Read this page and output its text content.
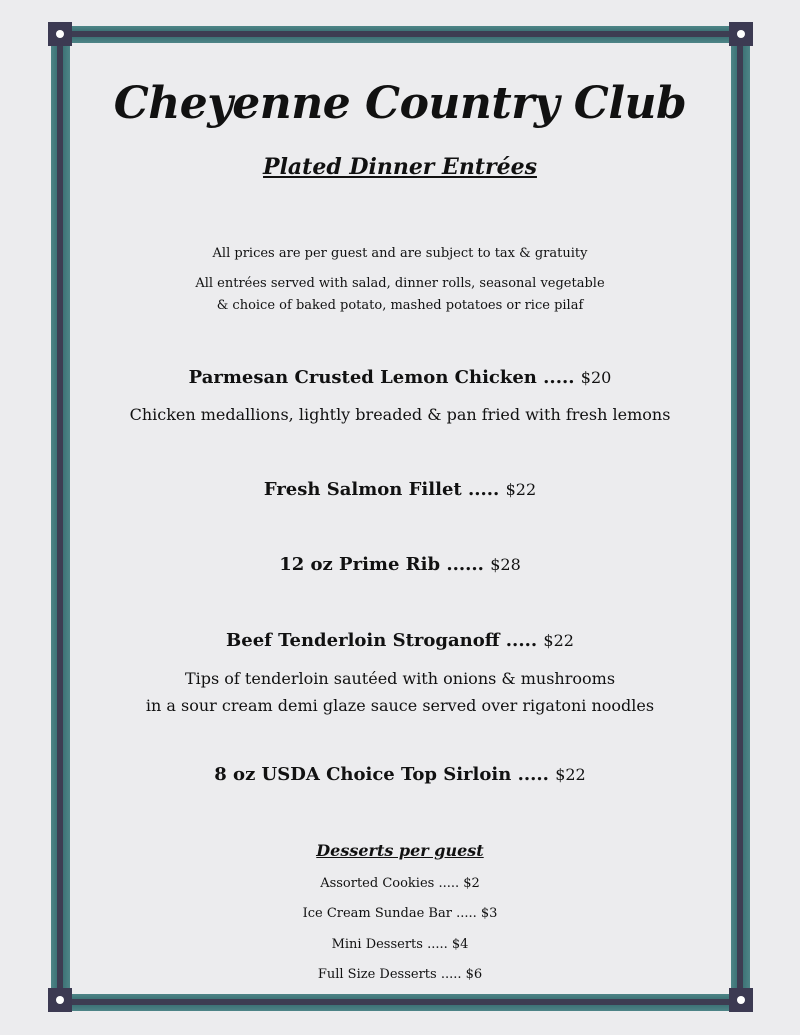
Cheyenne Country Club
Plated Dinner Entrées
All prices are per guest and are subject to tax & gratuity
All entrées served with salad, dinner rolls, seasonal vegetable
& choice of baked potato, mashed potatoes or rice pilaf
Parmesan Crusted Lemon Chicken ..... $20
Chicken medallions, lightly breaded & pan fried with fresh lemons
Fresh Salmon Fillet ..... $22
12 oz Prime Rib ...... $28
Beef Tenderloin Stroganoff ..... $22
Tips of tenderloin sautéed with onions & mushrooms
in a sour cream demi glaze sauce served over rigatoni noodles
8 oz USDA Choice Top Sirloin ..... $22
Desserts per guest
Assorted Cookies ..... $2
Ice Cream Sundae Bar ..... $3
Mini Desserts ..... $4
Full Size Desserts ..... $6
